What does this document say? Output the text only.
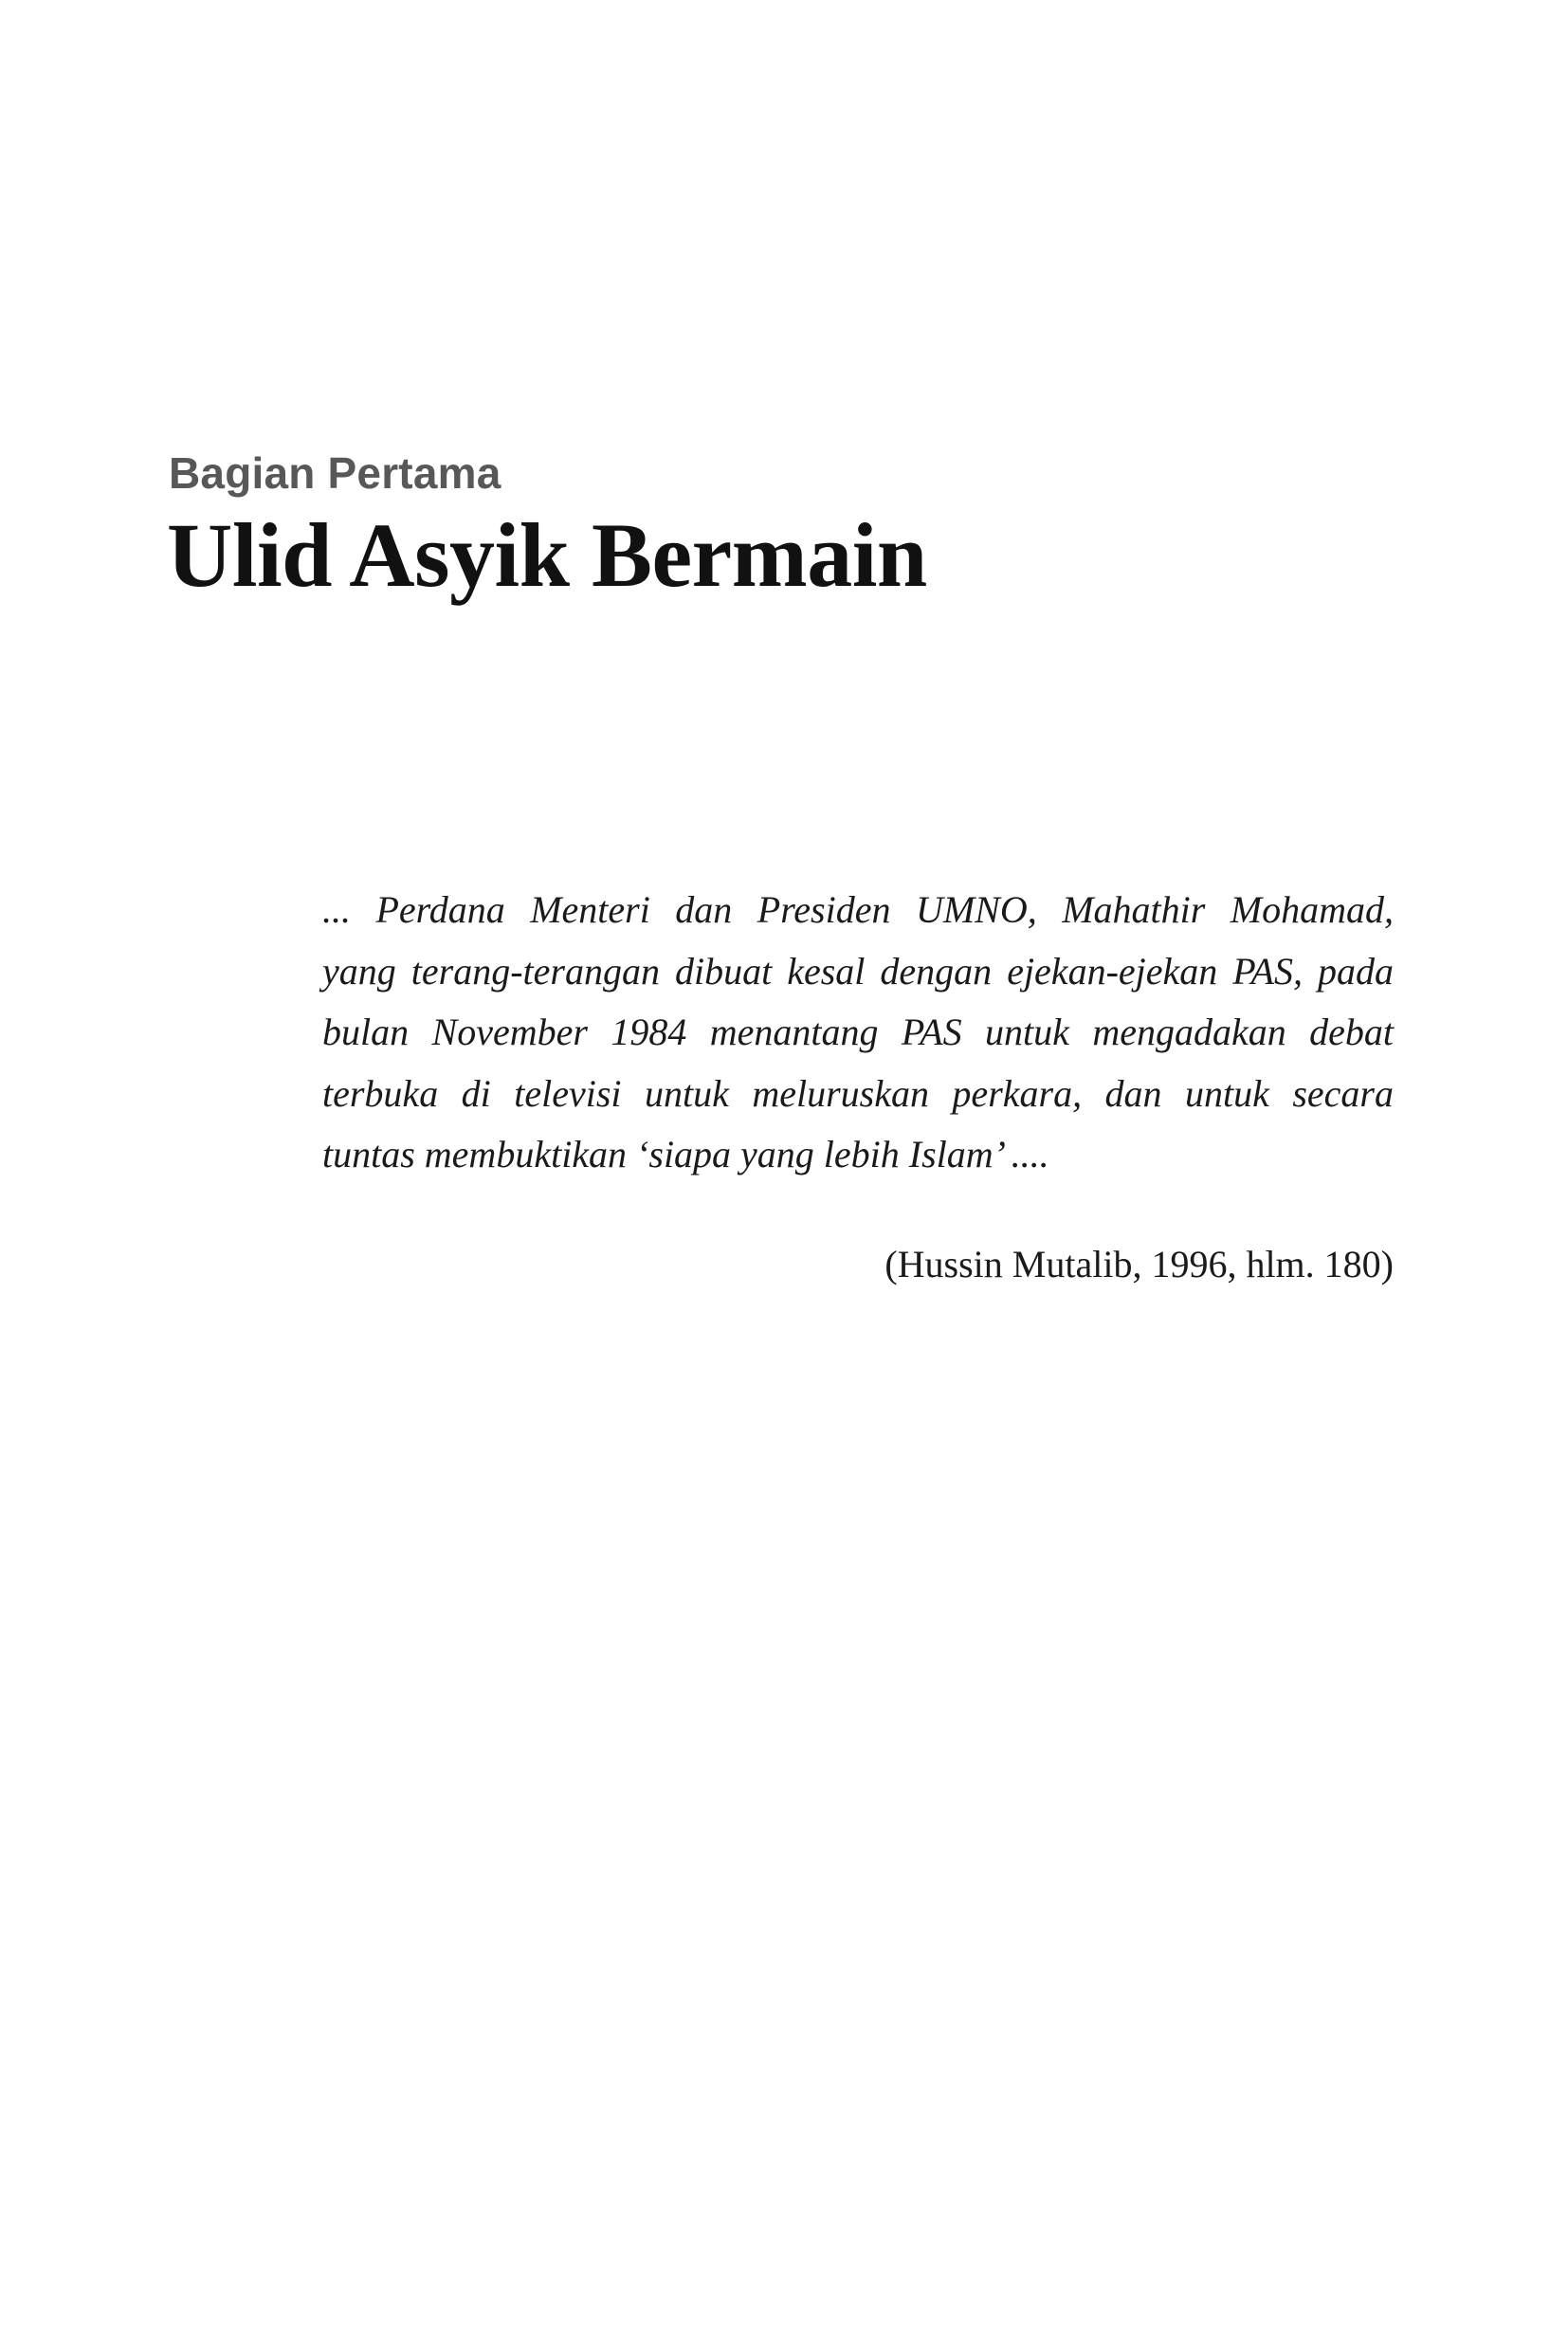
Bagian Pertama
Ulid Asyik Bermain
... Perdana Menteri dan Presiden UMNO, Mahathir Mohamad,
yang terang-terangan dibuat kesal dengan ejekan-ejekan PAS, pada
bulan November 1984 menantang PAS untuk mengadakan debat
terbuka di televisi untuk meluruskan perkara, dan untuk secara
tuntas membuktikan ‘siapa yang lebih Islam’ ....
(Hussin Mutalib, 1996, hlm. 180)
